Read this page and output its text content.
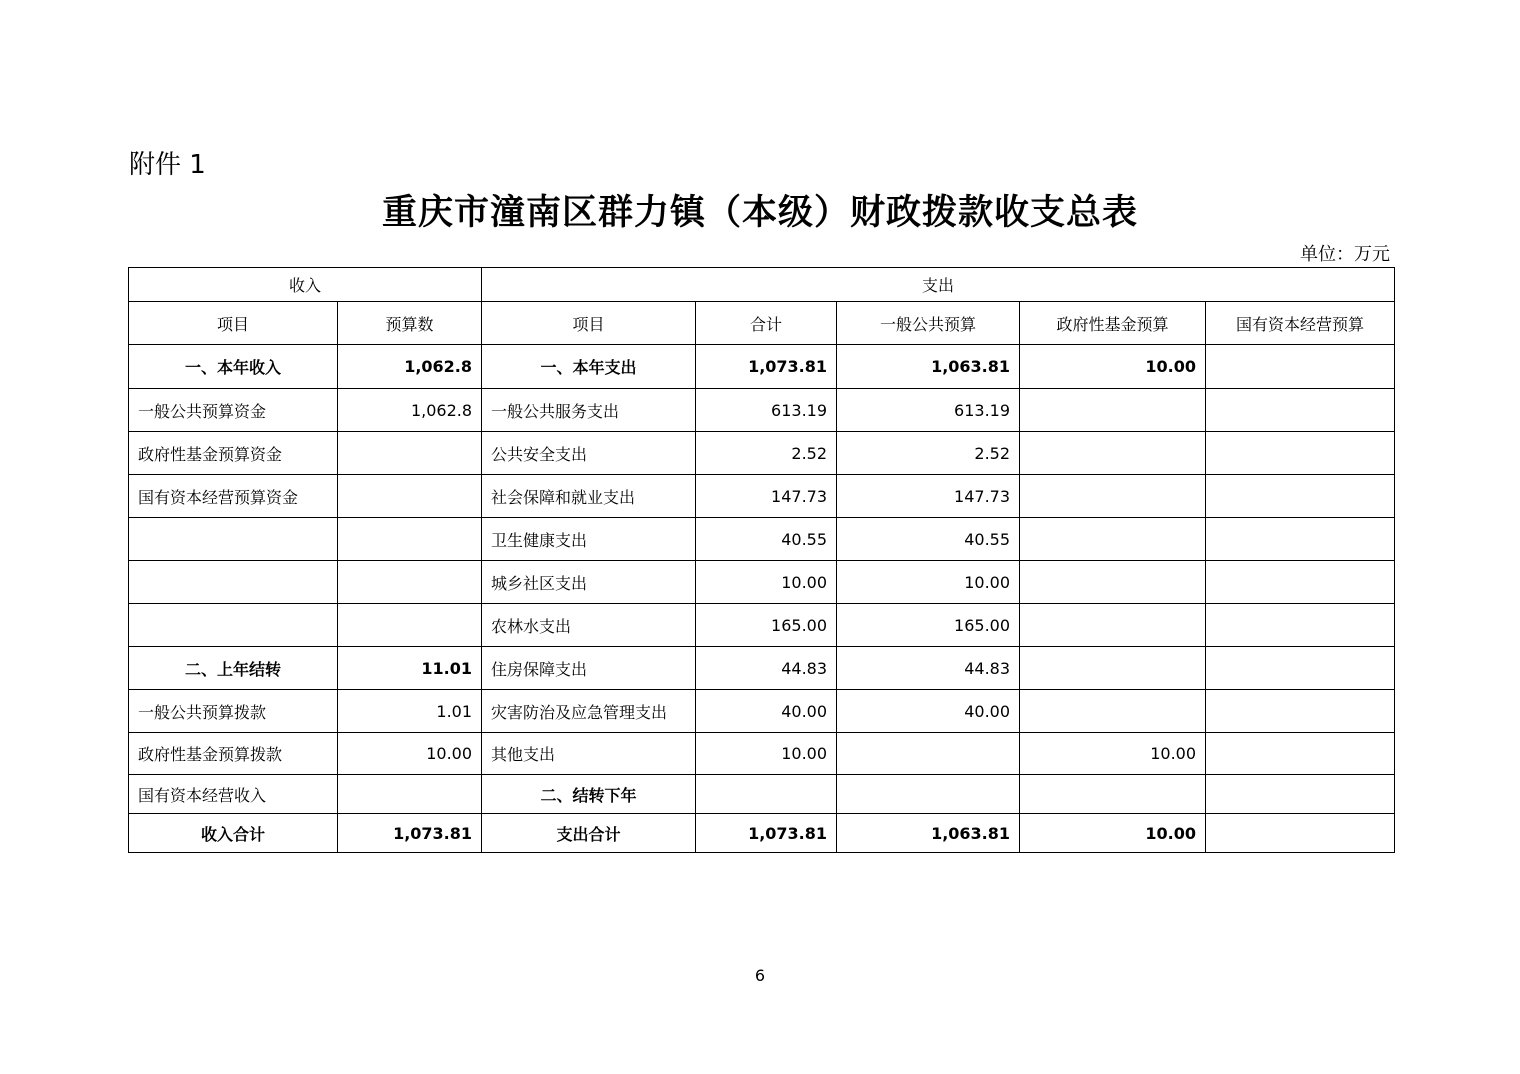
附件 1
重庆市潼南区群力镇（本级）财政拨款收支总表
单位：万元
收入		支出				
项目	预算数	项目	合计	一般公共预算	政府性基金预算	国有资本经营预算
一、本年收入	1,062.8	一、本年支出	1,073.81	1,063.81	10.00	
一般公共预算资金	1,062.8	一般公共服务支出	613.19	613.19		
政府性基金预算资金		公共安全支出	2.52	2.52		
国有资本经营预算资金		社会保障和就业支出	147.73	147.73		
		卫生健康支出	40.55	40.55		
		城乡社区支出	10.00	10.00		
		农林水支出	165.00	165.00		
二、上年结转	11.01	住房保障支出	44.83	44.83		
一般公共预算拨款	1.01	灾害防治及应急管理支出	40.00	40.00		
政府性基金预算拨款	10.00	其他支出	10.00		10.00	
国有资本经营收入		二、结转下年				
收入合计	1,073.81	支出合计	1,073.81	1,063.81	10.00	
6
